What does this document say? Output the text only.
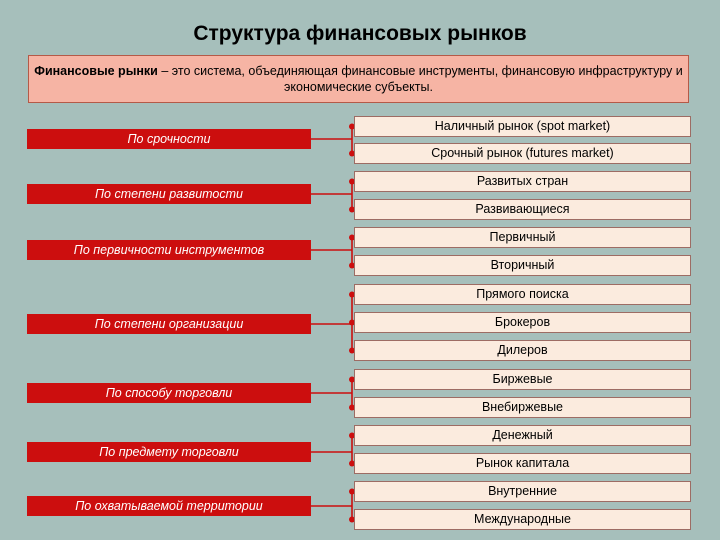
Структура финансовых рынков
Финансовые рынки – это система, объединяющая финансовые инструменты, финансовую инфраструктуру и экономические субъекты.
По срочности
По степени развитости
По первичности инструментов
По степени организации
По способу торговли
По предмету торговли
По охватываемой территории
Наличный рынок (spot market)
Срочный рынок (futures market)
Развитых стран
Развивающиеся
Первичный
Вторичный
Прямого поиска
Брокеров
Дилеров
Биржевые
Внебиржевые
Денежный
Рынок капитала
Внутренние
Международные
